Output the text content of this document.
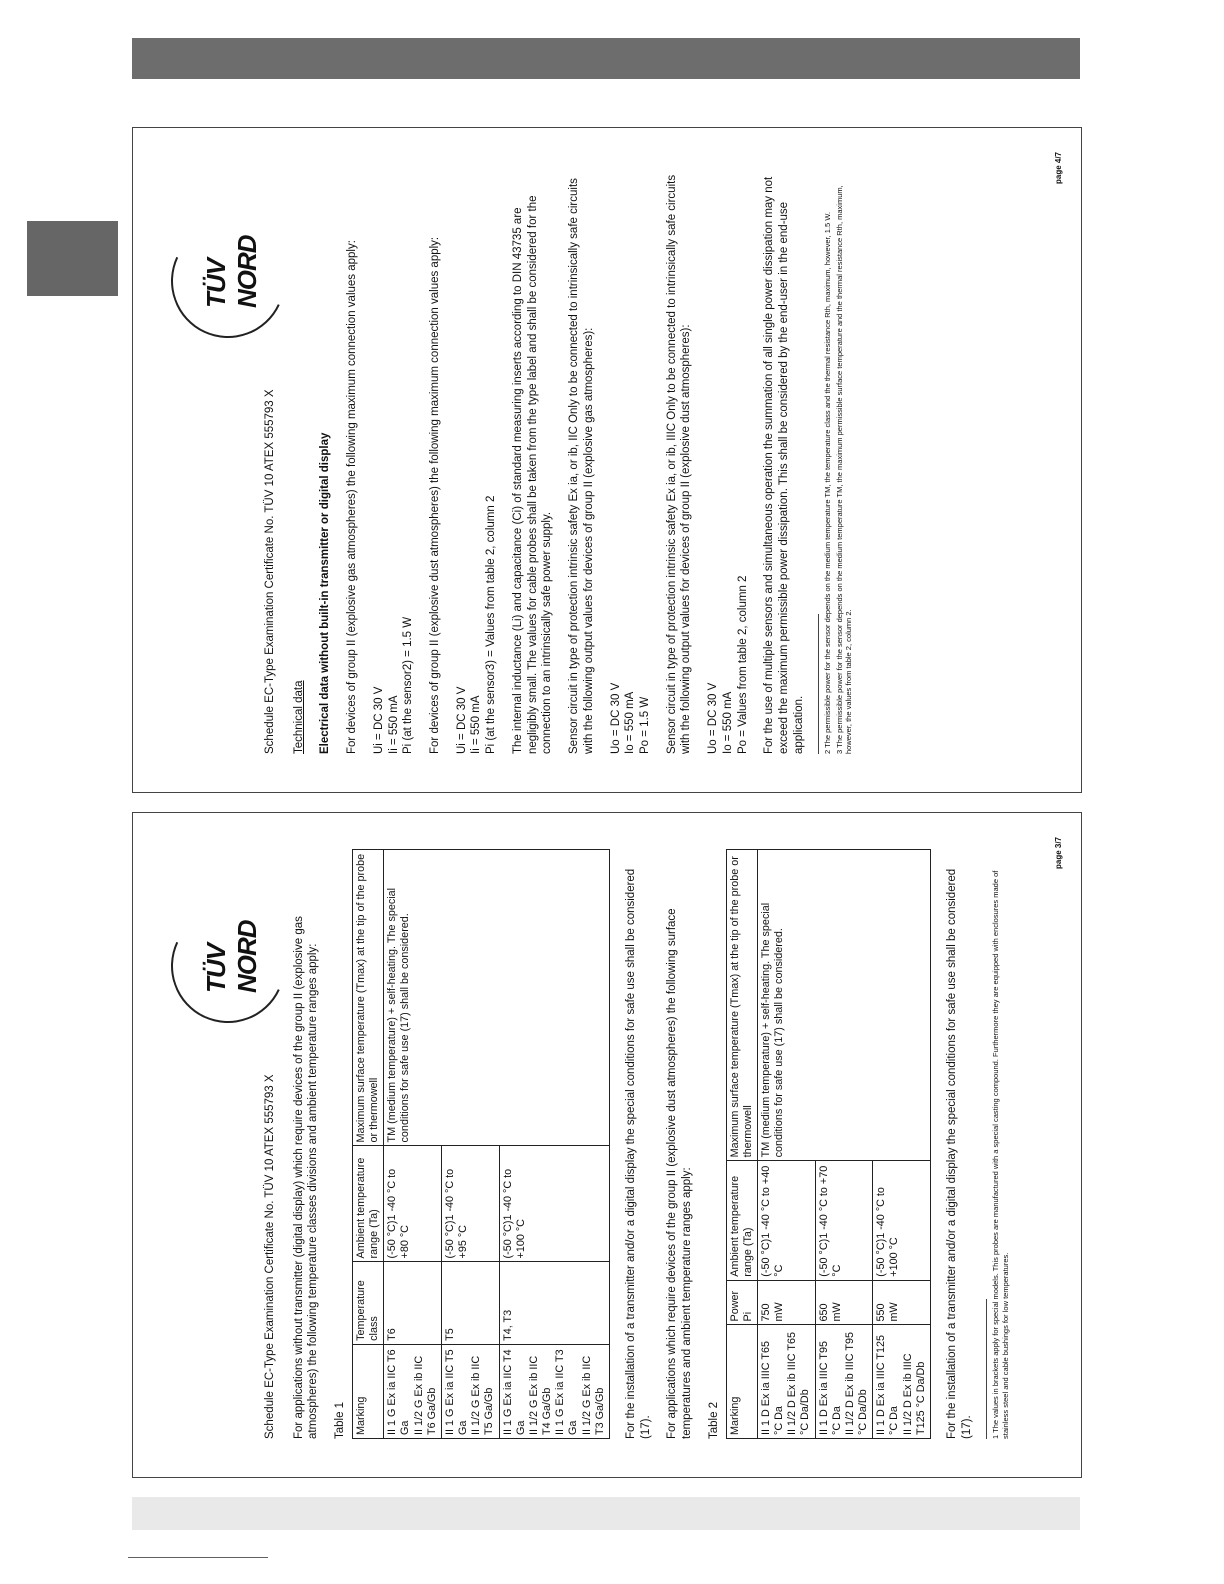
TÜV NORD

Schedule EC-Type Examination Certificate No. TÜV 10 ATEX 555793 X Technical data Electrical data without built-in transmitter or digital display For devices of group II (explosive gas atmospheres) the following maximum connection values apply: Ui = DC 30 V Ii = 550 mA Pi (at the sensor2) = 1.5 W For devices of group II (explosive dust atmospheres) the following maximum connection values apply: Ui = DC 30 V Ii = 550 mA Pi (at the sensor3) = Values from table 2, column 2 The internal inductance (Li) and capacitance (Ci) of standard measuring inserts according to DIN 43735 are negligibly small. The values for cable probes shall be taken from the type label and shall be considered for the connection to an intrinsically safe power supply. Sensor circuit in type of protection intrinsic safety Ex ia, or ib, IIC Only to be connected to intrinsically safe circuits with the following output values for devices of group II (explosive gas atmospheres): Uo = DC 30 V Io = 550 mA Po = 1.5 W Sensor circuit in type of protection intrinsic safety Ex ia, or ib, IIIC Only to be connected to intrinsically safe circuits with the following output values for devices of group II (explosive dust atmospheres): Uo = DC 30 V Io = 550 mA Po = Values from table 2, column 2 For the use of multiple sensors and simultaneous operation the summation of all single power dissipation may not exceed the maximum permissible power dissipation. This shall be considered by the end-user in the end-use application. 2 The permissible power for the sensor depends on the medium temperature TM, the temperature class and the thermal resistance Rth, maximum, however, 1.5 W. 3 The permissible power for the sensor depends on the medium temperature TM, the maximum permissible surface temperature and the thermal resistance Rth, maximum, however, the values from table 2, column 2.

page 4/7
TÜV NORD

Schedule EC-Type Examination Certificate No. TÜV 10 ATEX 555793 X For applications without transmitter (digital display) which require devices of the group II (explosive gas atmospheres) the following temperature classes divisions and ambient temperature ranges apply: Table 1 Marking	Temperature class	Ambient temperature range (Ta)	Maximum surface temperature (Tmax) at the tip of the probe or thermowell
II 1 G Ex ia IIC T6 Ga
II 1/2 G Ex ib IIC T6 Ga/Gb	T6	(-50 °C)1 -40 °C to +80 °C	TM (medium temperature) + self-heating. The special conditions for safe use (17) shall be considered.
II 1 G Ex ia IIC T5 Ga
II 1/2 G Ex ib IIC T5 Ga/Gb	T5	(-50 °C)1 -40 °C to +95 °C	
II 1 G Ex ia IIC T4 Ga
II 1/2 G Ex ib IIC T4 Ga/Gb
II 1 G Ex ia IIC T3 Ga
II 1/2 G Ex ib IIC T3 Ga/Gb	T4, T3	(-50 °C)1 -40 °C to +100 °C		For the installation of a transmitter and/or a digital display the special conditions for safe use shall be considered (17). For applications which require devices of the group II (explosive dust atmospheres) the following surface temperatures and ambient temperature ranges apply: Table 2 Marking	Power Pi	Ambient temperature range (Ta)	Maximum surface temperature (Tmax) at the tip of the probe or thermowell
II 1 D Ex ia IIIC T65 °C Da
II 1/2 D Ex ib IIIC T65 °C Da/Db	750 mW	(-50 °C)1 -40 °C to +40 °C	TM (medium temperature) + self-heating. The special conditions for safe use (17) shall be considered.
II 1 D Ex ia IIIC T95 °C Da
II 1/2 D Ex ib IIIC T95 °C Da/Db	650 mW	(-50 °C)1 -40 °C to +70 °C	
II 1 D Ex ia IIIC T125 °C Da
II 1/2 D Ex ib IIIC T125 °C Da/Db	550 mW	(-50 °C)1 -40 °C to +100 °C		For the installation of a transmitter and/or a digital display the special conditions for safe use shall be considered (17). 1 The values in brackets apply for special models. This probes are manufactured with a special casting compound. Furthermore they are equipped with enclosures made of stainless steel and cable bushings for low temperatures.

page 3/7
